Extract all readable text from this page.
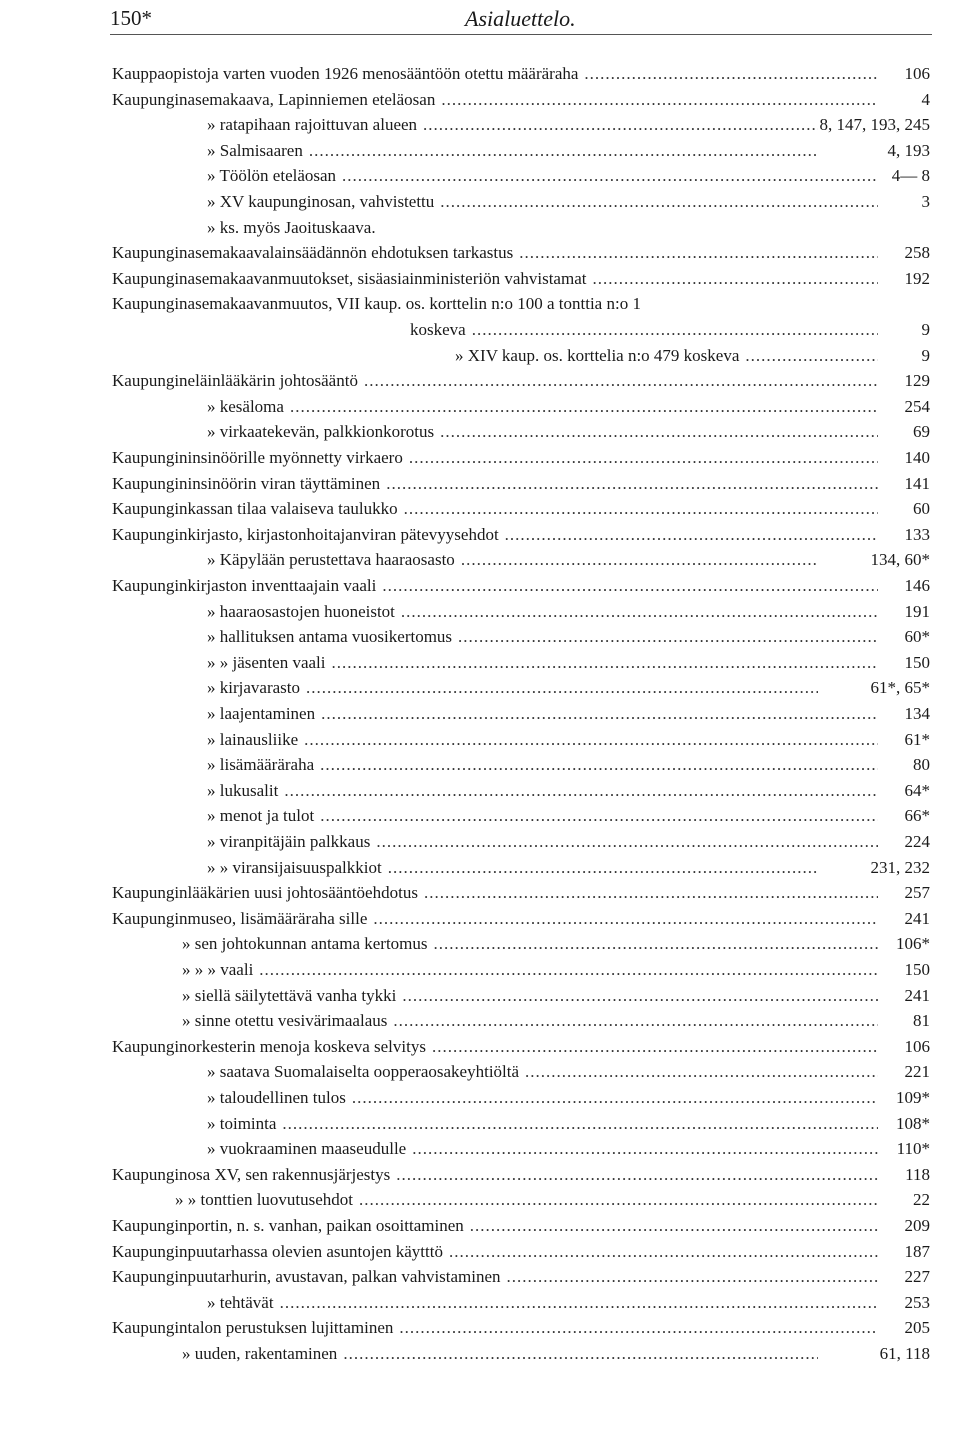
150*	Asialuettelo.
106
Kauppaopistoja varten vuoden 1926 menosääntöön otettu määräraha
.....
4
Kaupunginasemakaava, Lapinniemen eteläosan
.....
8, 147, 193, 245
» ratapihaan rajoittuvan alueen
.....
4, 193
» Salmisaaren
.....
4— 8
» Töölön eteläosan
.....
3
» XV kaupunginosan, vahvistettu
.....
» ks. myös Jaoituskaava.
258
Kaupunginasemakaavalainsäädännön ehdotuksen tarkastus
.....
192
Kaupunginasemakaavanmuutokset, sisäasiainministeriön vahvistamat
.....
Kaupunginasemakaavanmuutos, VII kaup. os. korttelin n:o 100 a tonttia n:o 1
9
koskeva
.....
9
» XIV kaup. os. korttelia n:o 479 koskeva
.....
129
Kaupungineläinlääkärin johtosääntö
.....
254
» kesäloma
.....
69
» virkaatekevän, palkkionkorotus
.....
140
Kaupungininsinöörille myönnetty virkaero
.....
141
Kaupungininsinöörin viran täyttäminen
.....
60
Kaupunginkassan tilaa valaiseva taulukko
.....
133
Kaupunginkirjasto, kirjastonhoitajanviran pätevyysehdot
.....
134, 60*
» Käpylään perustettava haaraosasto
.....
146
Kaupunginkirjaston inventtaajain vaali
.....
191
» haaraosastojen huoneistot
.....
60*
» hallituksen antama vuosikertomus
.....
150
» » jäsenten vaali
.....
61*, 65*
» kirjavarasto
.....
134
» laajentaminen
.....
61*
» lainausliike
.....
80
» lisämääräraha
.....
64*
» lukusalit
.....
66*
» menot ja tulot
.....
224
» viranpitäjäin palkkaus
.....
231, 232
» » viransijaisuuspalkkiot
.....
257
Kaupunginlääkärien uusi johtosääntöehdotus
.....
241
Kaupunginmuseo, lisämääräraha sille
.....
106*
» sen johtokunnan antama kertomus
.....
150
» » » vaali
.....
241
» siellä säilytettävä vanha tykki
.....
81
» sinne otettu vesivärimaalaus
.....
106
Kaupunginorkesterin menoja koskeva selvitys
.....
221
» saatava Suomalaiselta oopperaosakeyhtiöltä
.....
109*
» taloudellinen tulos
.....
108*
» toiminta
.....
110*
» vuokraaminen maaseudulle
.....
118
Kaupunginosa XV, sen rakennusjärjestys
.....
22
» » tonttien luovutusehdot
.....
209
Kaupunginportin, n. s. vanhan, paikan osoittaminen
.....
187
Kaupunginpuutarhassa olevien asuntojen käytttö
.....
227
Kaupunginpuutarhurin, avustavan, palkan vahvistaminen
.....
253
» tehtävät
.....
205
Kaupungintalon perustuksen lujittaminen
.....
61, 118
» uuden, rakentaminen
.....
